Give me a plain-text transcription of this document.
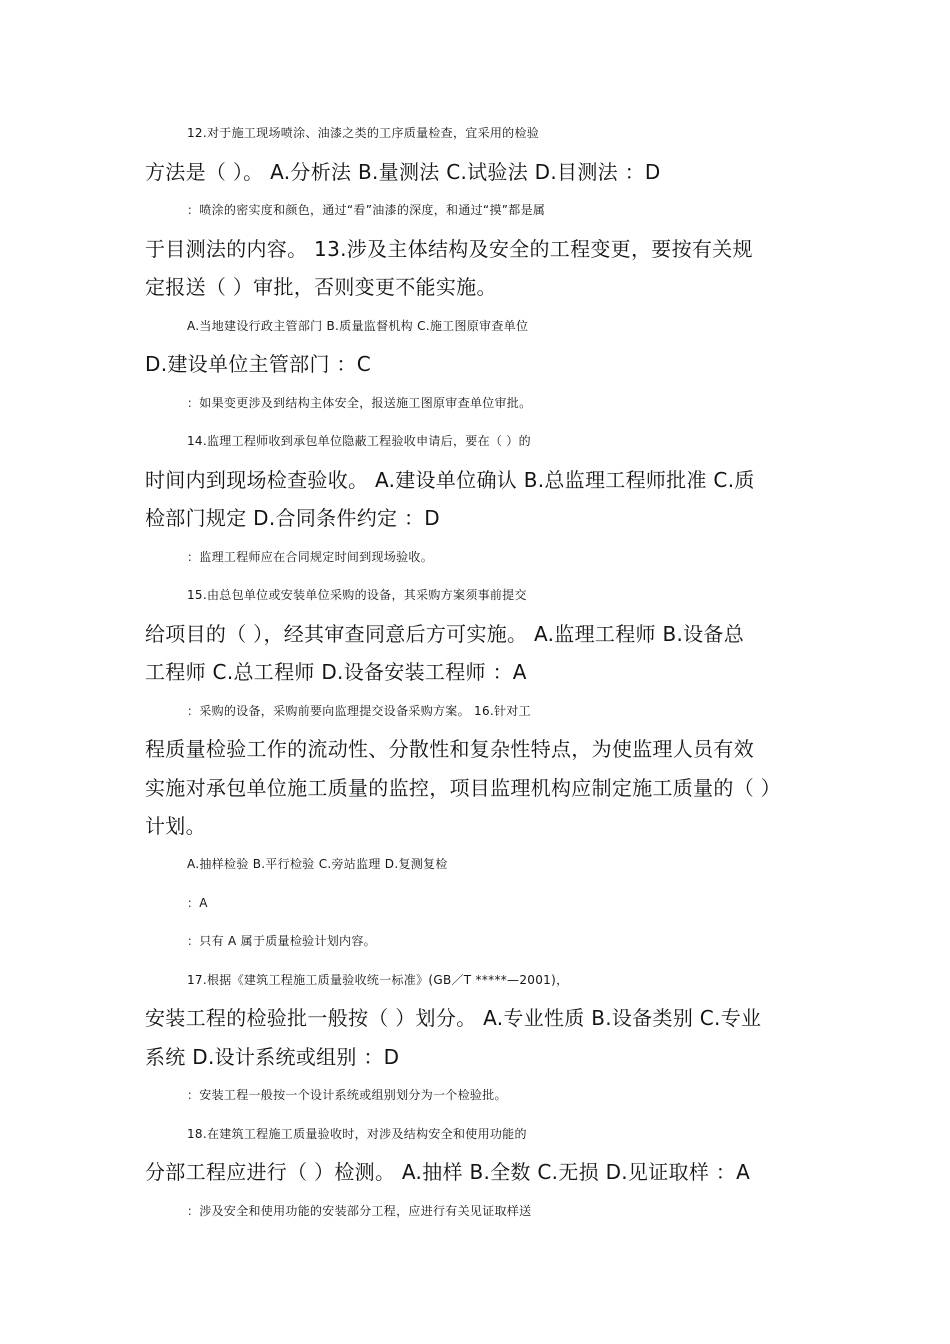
12.对于施工现场喷涂、油漆之类的工序质量检查，宜采用的检验
方法是（ ）。 A.分析法 B.量测法 C.试验法 D.目测法 ：D
：喷涂的密实度和颜色，通过“看”油漆的深度，和通过“摸”都是属
于目测法的内容。 13.涉及主体结构及安全的工程变更，要按有关规
定报送（ ）审批，否则变更不能实施。
A.当地建设行政主管部门 B.质量监督机构 C.施工图原审查单位
D.建设单位主管部门 ：C
：如果变更涉及到结构主体安全，报送施工图原审查单位审批。
14.监理工程师收到承包单位隐蔽工程验收申请后，要在（ ）的
时间内到现场检查验收。 A.建设单位确认 B.总监理工程师批准 C.质
检部门规定 D.合同条件约定 ：D
：监理工程师应在合同规定时间到现场验收。
15.由总包单位或安装单位采购的设备，其采购方案须事前提交
给项目的（ ），经其审查同意后方可实施。 A.监理工程师 B.设备总
工程师 C.总工程师 D.设备安装工程师 ：A
：采购的设备，采购前要向监理提交设备采购方案。 16.针对工
程质量检验工作的流动性、分散性和复杂性特点，为使监理人员有效
实施对承包单位施工质量的监控，项目监理机构应制定施工质量的（ ）
计划。
A.抽样检验 B.平行检验 C.旁站监理 D.复测复检
：A
：只有 A 属于质量检验计划内容。
17.根据《建筑工程施工质量验收统一标准》(GB／T *****—2001)，
安装工程的检验批一般按（ ）划分。 A.专业性质 B.设备类别 C.专业
系统 D.设计系统或组别 ：D
：安装工程一般按一个设计系统或组别划分为一个检验批。
18.在建筑工程施工质量验收时，对涉及结构安全和使用功能的
分部工程应进行（ ）检测。 A.抽样 B.全数 C.无损 D.见证取样 ：A
：涉及安全和使用功能的安装部分工程，应进行有关见证取样送
